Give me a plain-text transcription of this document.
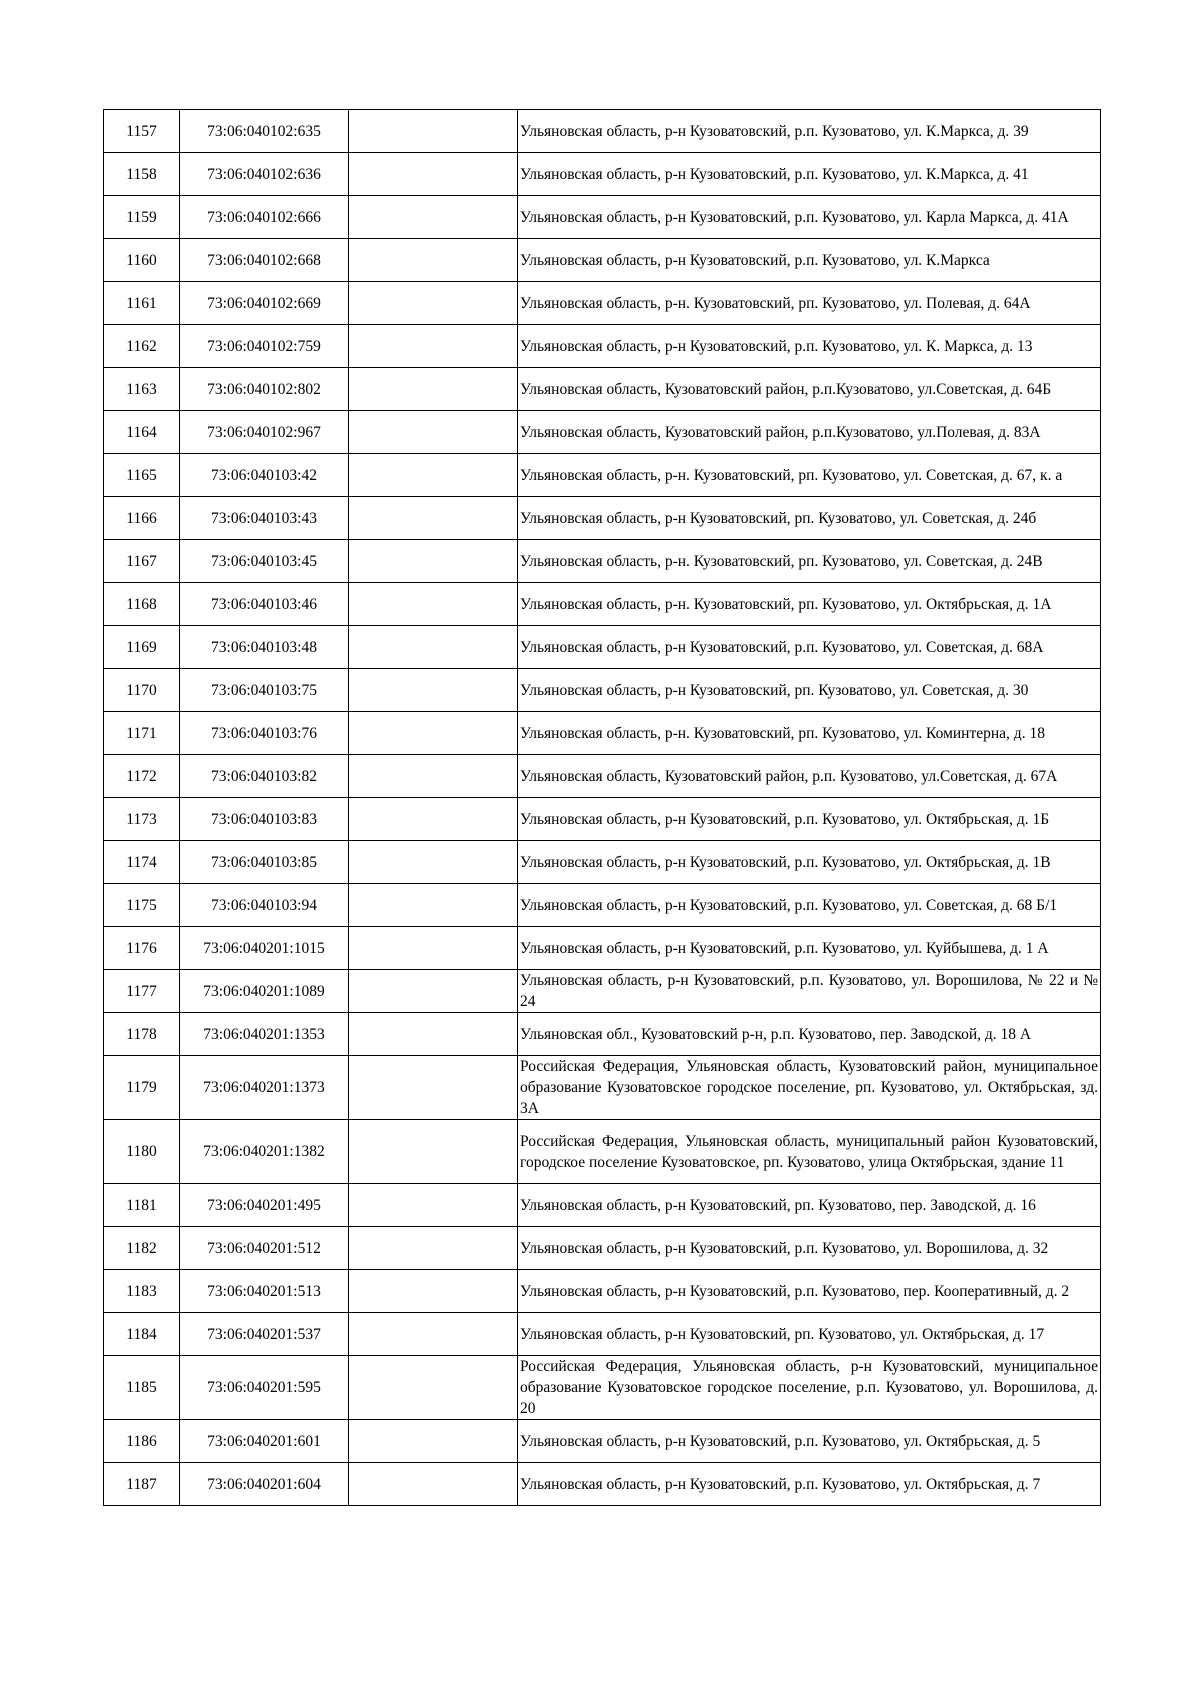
1157	73:06:040102:635		Ульяновская область, р-н Кузоватовский, р.п. Кузоватово, ул. К.Маркса, д. 39
1158	73:06:040102:636		Ульяновская область, р-н Кузоватовский, р.п. Кузоватово, ул. К.Маркса, д. 41
1159	73:06:040102:666		Ульяновская область, р-н Кузоватовский, р.п. Кузоватово, ул. Карла Маркса, д. 41А
1160	73:06:040102:668		Ульяновская область, р-н Кузоватовский, р.п. Кузоватово, ул. К.Маркса
1161	73:06:040102:669		Ульяновская область, р-н. Кузоватовский, рп. Кузоватово, ул. Полевая, д. 64А
1162	73:06:040102:759		Ульяновская область, р-н Кузоватовский, р.п. Кузоватово, ул. К. Маркса, д. 13
1163	73:06:040102:802		Ульяновская область, Кузоватовский район, р.п.Кузоватово, ул.Советская, д. 64Б
1164	73:06:040102:967		Ульяновская область, Кузоватовский район, р.п.Кузоватово, ул.Полевая, д. 83А
1165	73:06:040103:42		Ульяновская область, р-н. Кузоватовский, рп. Кузоватово, ул. Советская, д. 67, к. а
1166	73:06:040103:43		Ульяновская область, р-н Кузоватовский, рп. Кузоватово, ул. Советская, д. 24б
1167	73:06:040103:45		Ульяновская область, р-н. Кузоватовский, рп. Кузоватово, ул. Советская, д. 24В
1168	73:06:040103:46		Ульяновская область, р-н. Кузоватовский, рп. Кузоватово, ул. Октябрьская, д. 1А
1169	73:06:040103:48		Ульяновская область, р-н Кузоватовский, р.п. Кузоватово, ул. Советская, д. 68А
1170	73:06:040103:75		Ульяновская область, р-н Кузоватовский, рп. Кузоватово, ул. Советская, д. 30
1171	73:06:040103:76		Ульяновская область, р-н. Кузоватовский, рп. Кузоватово, ул. Коминтерна, д. 18
1172	73:06:040103:82		Ульяновская область, Кузоватовский район, р.п. Кузоватово, ул.Советская, д. 67А
1173	73:06:040103:83		Ульяновская область, р-н Кузоватовский, р.п. Кузоватово, ул. Октябрьская, д. 1Б
1174	73:06:040103:85		Ульяновская область, р-н Кузоватовский, р.п. Кузоватово, ул. Октябрьская, д. 1В
1175	73:06:040103:94		Ульяновская область, р-н Кузоватовский, р.п. Кузоватово, ул. Советская, д. 68 Б/1
1176	73:06:040201:1015		Ульяновская область, р-н Кузоватовский, р.п. Кузоватово, ул. Куйбышева, д. 1 А
1177	73:06:040201:1089		Ульяновская область, р-н Кузоватовский, р.п. Кузоватово, ул. Ворошилова, № 22 и № 24
1178	73:06:040201:1353		Ульяновская обл., Кузоватовский р-н, р.п. Кузоватово, пер. Заводской, д. 18 А
1179	73:06:040201:1373		Российская Федерация, Ульяновская область, Кузоватовский район, муниципальное образование Кузоватовское городское поселение, рп. Кузоватово, ул. Октябрьская, зд. 3А
1180	73:06:040201:1382		Российская Федерация, Ульяновская область, муниципальный район Кузоватовский, городское поселение Кузоватовское, рп. Кузоватово, улица Октябрьская, здание 11
1181	73:06:040201:495		Ульяновская область, р-н Кузоватовский, рп. Кузоватово, пер. Заводской, д. 16
1182	73:06:040201:512		Ульяновская область, р-н Кузоватовский, р.п. Кузоватово, ул. Ворошилова, д. 32
1183	73:06:040201:513		Ульяновская область, р-н Кузоватовский, р.п. Кузоватово, пер. Кооперативный, д. 2
1184	73:06:040201:537		Ульяновская область, р-н Кузоватовский, рп. Кузоватово, ул. Октябрьская, д. 17
1185	73:06:040201:595		Российская Федерация, Ульяновская область, р-н Кузоватовский, муниципальное образование Кузоватовское городское поселение, р.п. Кузоватово, ул. Ворошилова, д. 20
1186	73:06:040201:601		Ульяновская область, р-н Кузоватовский, р.п. Кузоватово, ул. Октябрьская, д. 5
1187	73:06:040201:604		Ульяновская область, р-н Кузоватовский, р.п. Кузоватово, ул. Октябрьская, д. 7
